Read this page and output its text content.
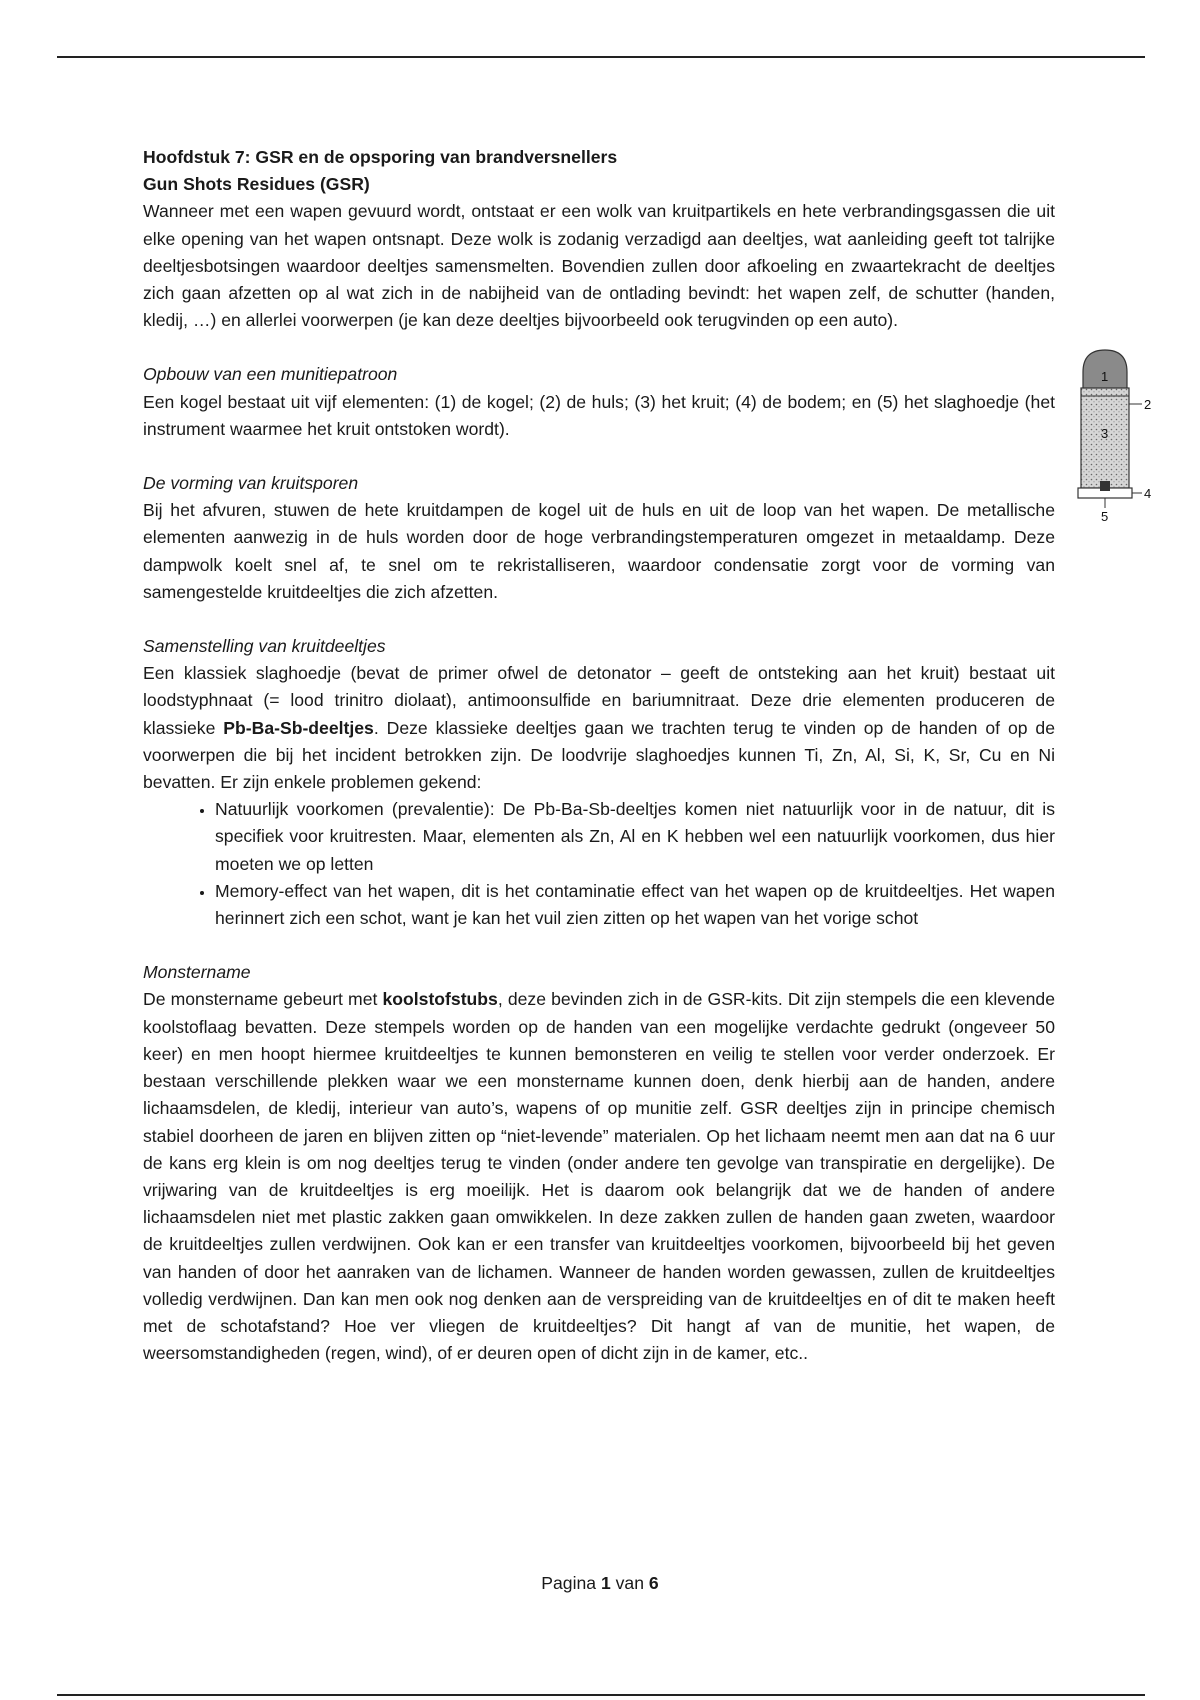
Hoofdstuk 7: GSR en de opsporing van brandversnellers

Gun Shots Residues (GSR)

Wanneer met een wapen gevuurd wordt, ontstaat er een wolk van kruitpartikels en hete verbrandingsgassen die uit elke opening van het wapen ontsnapt. Deze wolk is zodanig verzadigd aan deeltjes, wat aanleiding geeft tot talrijke deeltjesbotsingen waardoor deeltjes samensmelten. Bovendien zullen door afkoeling en zwaartekracht de deeltjes zich gaan afzetten op al wat zich in de nabijheid van de ontlading bevindt: het wapen zelf, de schutter (handen, kledij, …) en allerlei voorwerpen (je kan deze deeltjes bijvoorbeeld ook terugvinden op een auto).

Opbouw van een munitiepatroon

Een kogel bestaat uit vijf elementen: (1) de kogel; (2) de huls; (3) het kruit; (4) de bodem; en (5) het slaghoedje (het instrument waarmee het kruit ontstoken wordt).

De vorming van kruitsporen

Bij het afvuren, stuwen de hete kruitdampen de kogel uit de huls en uit de loop van het wapen. De metallische elementen aanwezig in de huls worden door de hoge verbrandingstemperaturen omgezet in metaaldamp. Deze dampwolk koelt snel af, te snel om te rekristalliseren, waardoor condensatie zorgt voor de vorming van samengestelde kruitdeeltjes die zich afzetten.

Samenstelling van kruitdeeltjes

Een klassiek slaghoedje (bevat de primer ofwel de detonator – geeft de ontsteking aan het kruit) bestaat uit loodstyphnaat (= lood trinitro diolaat), antimoonsulfide en bariumnitraat. Deze drie elementen produceren de klassieke Pb-Ba-Sb-deeltjes. Deze klassieke deeltjes gaan we trachten terug te vinden op de handen of op de voorwerpen die bij het incident betrokken zijn. De loodvrije slaghoedjes kunnen Ti, Zn, Al, Si, K, Sr, Cu en Ni bevatten. Er zijn enkele problemen gekend:

• Natuurlijk voorkomen (prevalentie): De Pb-Ba-Sb-deeltjes komen niet natuurlijk voor in de natuur, dit is specifiek voor kruitresten. Maar, elementen als Zn, Al en K hebben wel een natuurlijk voorkomen, dus hier moeten we op letten
• Memory-effect van het wapen, dit is het contaminatie effect van het wapen op de kruitdeeltjes. Het wapen herinnert zich een schot, want je kan het vuil zien zitten op het wapen van het vorige schot

Monstername

De monstername gebeurt met koolstofstubs, deze bevinden zich in de GSR-kits. Dit zijn stempels die een klevende koolstoflaag bevatten. Deze stempels worden op de handen van een mogelijke verdachte gedrukt (ongeveer 50 keer) en men hoopt hiermee kruitdeeltjes te kunnen bemonsteren en veilig te stellen voor verder onderzoek. Er bestaan verschillende plekken waar we een monstername kunnen doen, denk hierbij aan de handen, andere lichaamsdelen, de kledij, interieur van auto’s, wapens of op munitie zelf. GSR deeltjes zijn in principe chemisch stabiel doorheen de jaren en blijven zitten op “niet-levende” materialen. Op het lichaam neemt men aan dat na 6 uur de kans erg klein is om nog deeltjes terug te vinden (onder andere ten gevolge van transpiratie en dergelijke). De vrijwaring van de kruitdeeltjes is erg moeilijk. Het is daarom ook belangrijk dat we de handen of andere lichaamsdelen niet met plastic zakken gaan omwikkelen. In deze zakken zullen de handen gaan zweten, waardoor de kruitdeeltjes zullen verdwijnen. Ook kan er een transfer van kruitdeeltjes voorkomen, bijvoorbeeld bij het geven van handen of door het aanraken van de lichamen. Wanneer de handen worden gewassen, zullen de kruitdeeltjes volledig verdwijnen. Dan kan men ook nog denken aan de verspreiding van de kruitdeeltjes en of dit te maken heeft met de schotafstand? Hoe ver vliegen de kruitdeeltjes? Dit hangt af van de munitie, het wapen, de weersomstandigheden (regen, wind), of er deuren open of dicht zijn in de kamer, etc..

1
2
3
4
5
Pagina 1 van 6
